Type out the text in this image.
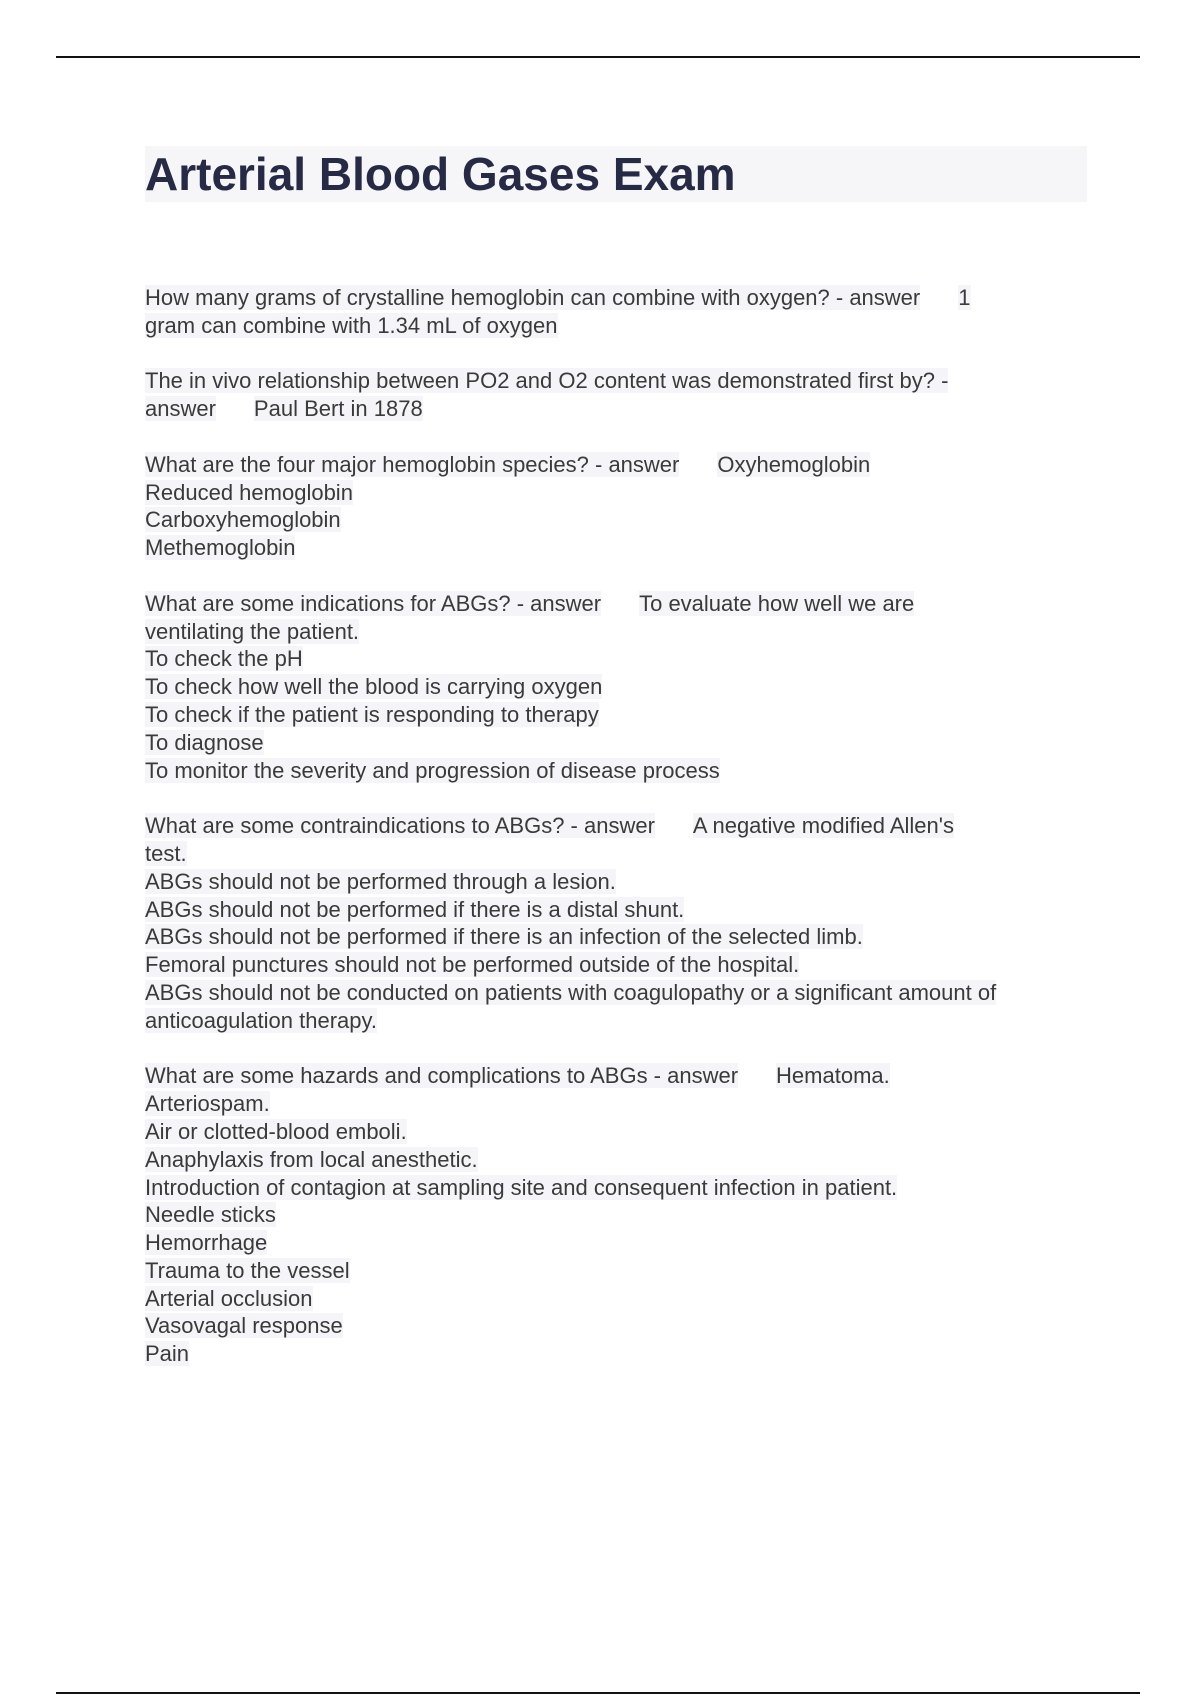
Arterial Blood Gases Exam
How many grams of crystalline hemoglobin can combine with oxygen? - answer 1
gram can combine with 1.34 mL of oxygen
The in vivo relationship between PO2 and O2 content was demonstrated first by? -
answer Paul Bert in 1878
What are the four major hemoglobin species? - answer Oxyhemoglobin
Reduced hemoglobin
Carboxyhemoglobin
Methemoglobin
What are some indications for ABGs? - answer To evaluate how well we are
ventilating the patient.
To check the pH
To check how well the blood is carrying oxygen
To check if the patient is responding to therapy
To diagnose
To monitor the severity and progression of disease process
What are some contraindications to ABGs? - answer A negative modified Allen's
test.
ABGs should not be performed through a lesion.
ABGs should not be performed if there is a distal shunt.
ABGs should not be performed if there is an infection of the selected limb.
Femoral punctures should not be performed outside of the hospital.
ABGs should not be conducted on patients with coagulopathy or a significant amount of
anticoagulation therapy.
What are some hazards and complications to ABGs - answer Hematoma.
Arteriospam.
Air or clotted-blood emboli.
Anaphylaxis from local anesthetic.
Introduction of contagion at sampling site and consequent infection in patient.
Needle sticks
Hemorrhage
Trauma to the vessel
Arterial occlusion
Vasovagal response
Pain
